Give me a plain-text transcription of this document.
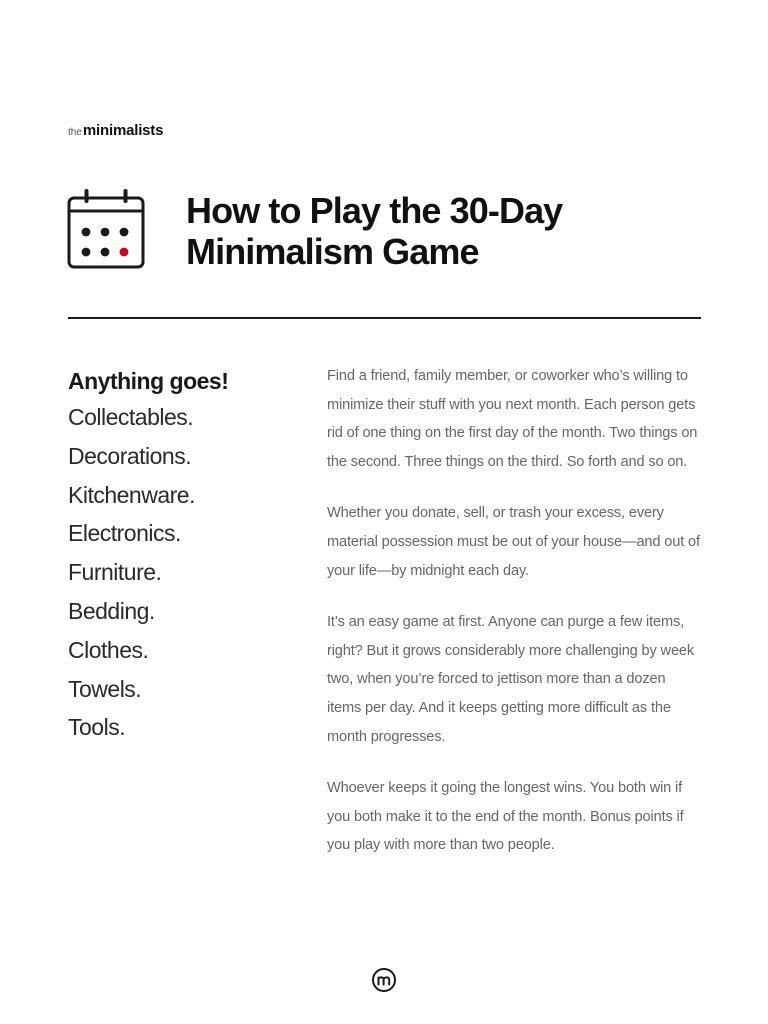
the minimalists
How to Play the 30-Day
Minimalism Game

Anything goes!

Collectables.
Decorations.
Kitchenware.
Electronics.
Furniture.
Bedding.
Clothes.
Towels.
Tools.

Find a friend, family member, or coworker who’s willing to minimize their stuff with you next month. Each person gets rid of one thing on the first day of the month. Two things on the second. Three things on the third. So forth and so on.

Whether you donate, sell, or trash your excess, every material possession must be out of your house—and out of your life—by midnight each day.

It’s an easy game at first. Anyone can purge a few items, right? But it grows considerably more challenging by week two, when you’re forced to jettison more than a dozen items per day. And it keeps getting more difficult as the month progresses.

Whoever keeps it going the longest wins. You both win if you both make it to the end of the month. Bonus points if you play with more than two people.
